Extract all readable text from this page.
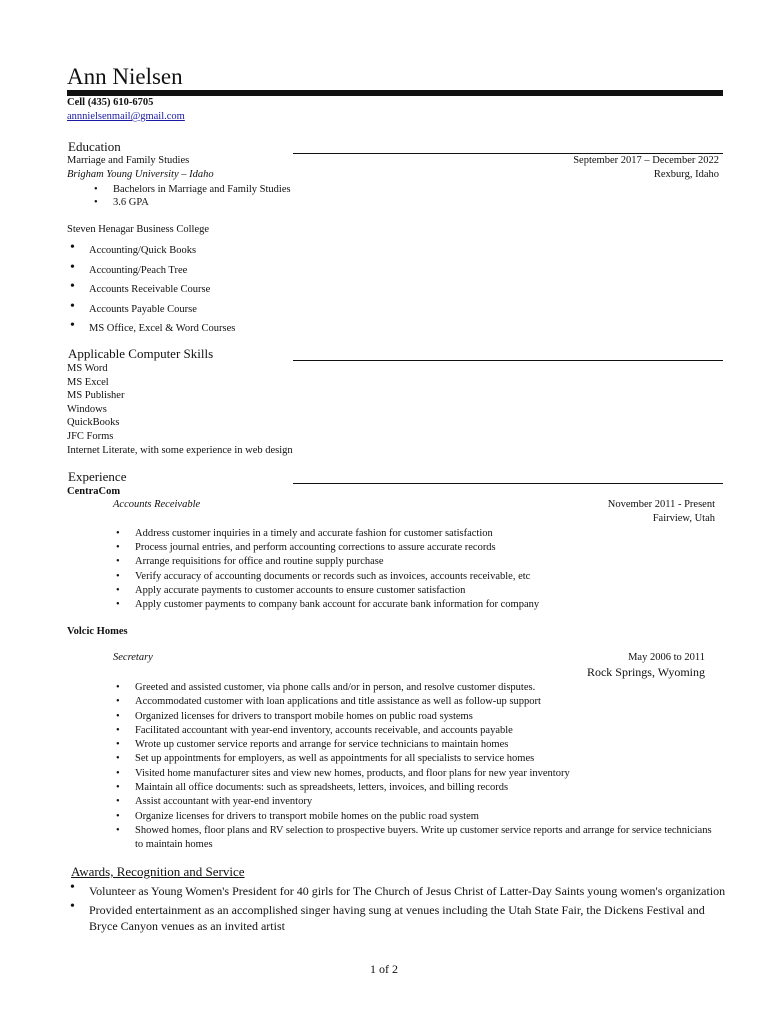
Ann Nielsen
Cell (435) 610-6705
annnielsenmail@gmail.com
Education
Marriage and Family Studies	September 2017 – December 2022
Brigham Young University – Idaho	Rexburg, Idaho
• Bachelors in Marriage and Family Studies
• 3.6 GPA
Steven Henagar Business College
• Accounting/Quick Books
• Accounting/Peach Tree
• Accounts Receivable Course
• Accounts Payable Course
• MS Office, Excel & Word Courses
Applicable Computer Skills
MS Word
MS Excel
MS Publisher
Windows
QuickBooks
JFC Forms
Internet Literate, with some experience in web design
Experience
CentraCom
Accounts Receivable	November 2011 - Present
Fairview, Utah
• Address customer inquiries in a timely and accurate fashion for customer satisfaction
• Process journal entries, and perform accounting corrections to assure accurate records
• Arrange requisitions for office and routine supply purchase
• Verify accuracy of accounting documents or records such as invoices, accounts receivable, etc
• Apply accurate payments to customer accounts to ensure customer satisfaction
• Apply customer payments to company bank account for accurate bank information for company
Volcic Homes
Secretary	May 2006 to 2011
Rock Springs, Wyoming
• Greeted and assisted customer, via phone calls and/or in person, and resolve customer disputes.
• Accommodated customer with loan applications and title assistance as well as follow-up support
• Organized licenses for drivers to transport mobile homes on public road systems
• Facilitated accountant with year-end inventory, accounts receivable, and accounts payable
• Wrote up customer service reports and arrange for service technicians to maintain homes
• Set up appointments for employers, as well as appointments for all specialists to service homes
• Visited home manufacturer sites and view new homes, products, and floor plans for new year inventory
• Maintain all office documents: such as spreadsheets, letters, invoices, and billing records
• Assist accountant with year-end inventory
• Organize licenses for drivers to transport mobile homes on the public road system
• Showed homes, floor plans and RV selection to prospective buyers. Write up customer service reports and arrange for service technicians to maintain homes
Awards, Recognition and Service
• Volunteer as Young Women's President for 40 girls for The Church of Jesus Christ of Latter-Day Saints young women's organization
• Provided entertainment as an accomplished singer having sung at venues including the Utah State Fair, the Dickens Festival and Bryce Canyon venues as an invited artist
1 of 2
